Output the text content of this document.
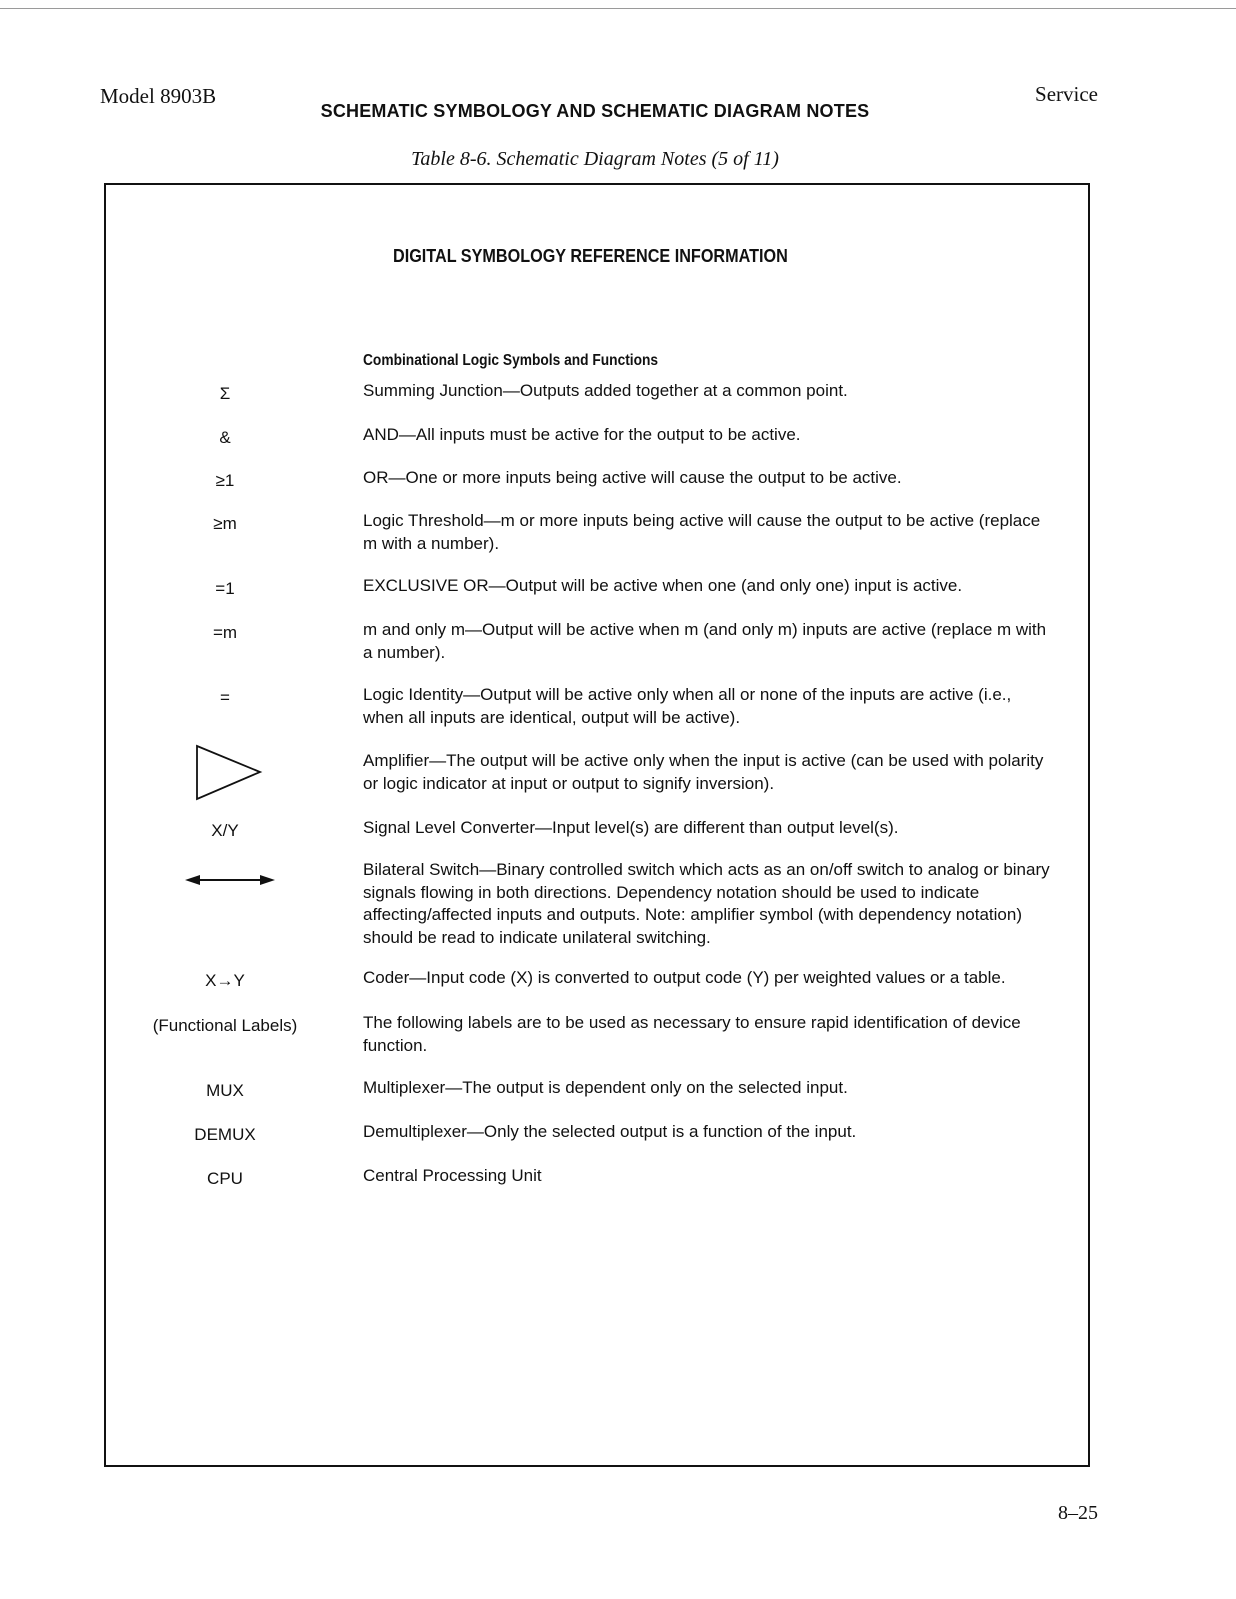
Model 8903B	Service
SCHEMATIC SYMBOLOGY AND SCHEMATIC DIAGRAM NOTES
Table 8-6. Schematic Diagram Notes (5 of 11)
DIGITAL SYMBOLOGY REFERENCE INFORMATION
Combinational Logic Symbols and Functions
Σ	Summing Junction—Outputs added together at a common point.
&	AND—All inputs must be active for the output to be active.
≥1	OR—One or more inputs being active will cause the output to be active.
≥m	Logic Threshold—m or more inputs being active will cause the output to be active (replace m with a number).
=1	EXCLUSIVE OR—Output will be active when one (and only one) input is active.
=m	m and only m—Output will be active when m (and only m) inputs are active (replace m with a number).
=	Logic Identity—Output will be active only when all or none of the inputs are active (i.e., when all inputs are identical, output will be active).
Amplifier—The output will be active only when the input is active (can be used with polarity or logic indicator at input or output to signify inversion).
X/Y	Signal Level Converter—Input level(s) are different than output level(s).
Bilateral Switch—Binary controlled switch which acts as an on/off switch to analog or binary signals flowing in both directions. Dependency notation should be used to indicate affecting/affected inputs and outputs. Note: amplifier symbol (with dependency notation) should be read to indicate unilateral switching.
X→Y	Coder—Input code (X) is converted to output code (Y) per weighted values or a table.
(Functional Labels)	The following labels are to be used as necessary to ensure rapid identification of device function.
MUX	Multiplexer—The output is dependent only on the selected input.
DEMUX	Demultiplexer—Only the selected output is a function of the input.
CPU	Central Processing Unit
8–25
